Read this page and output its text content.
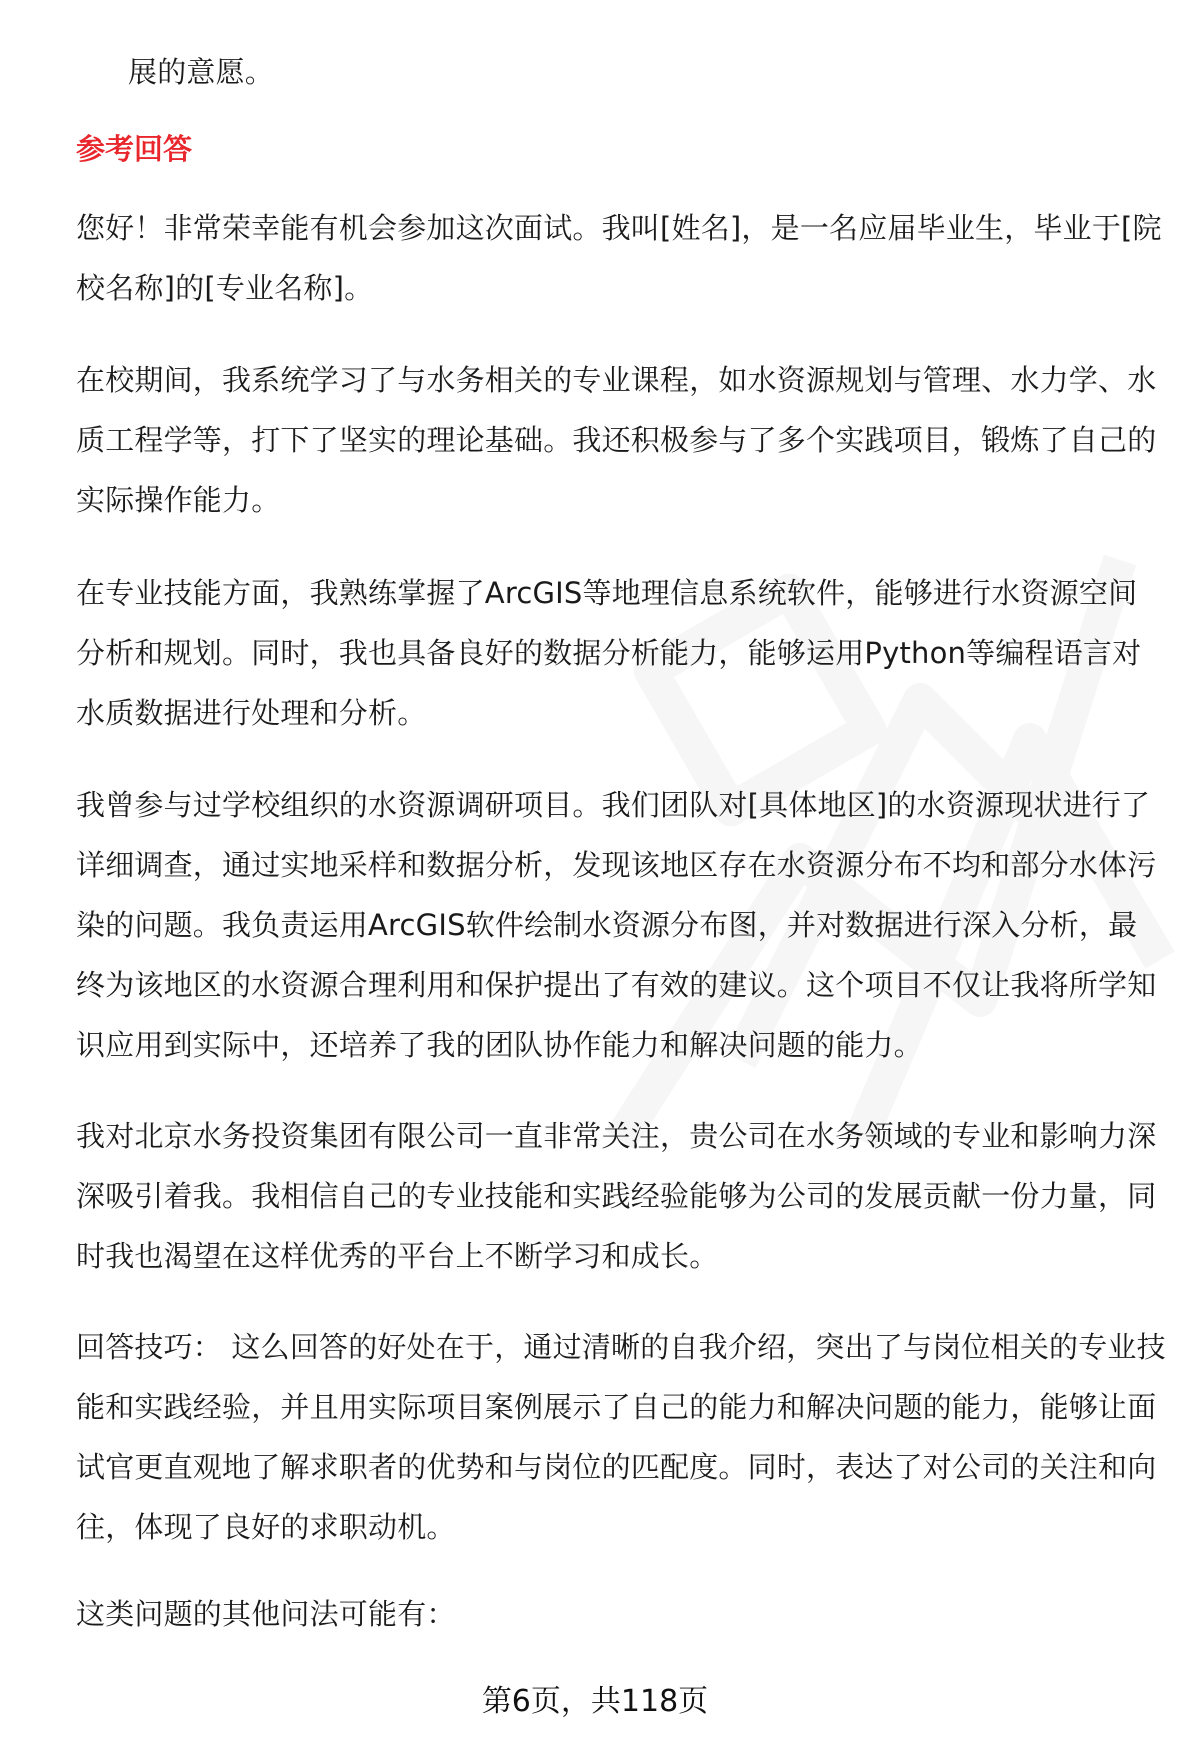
展的意愿。
参考回答
您好！非常荣幸能有机会参加这次面试。我叫[姓名]，是一名应届毕业生，毕业于[院校名称]的[专业名称]。
在校期间，我系统学习了与水务相关的专业课程，如水资源规划与管理、水力学、水质工程学等，打下了坚实的理论基础。我还积极参与了多个实践项目，锻炼了自己的实际操作能力。
在专业技能方面，我熟练掌握了ArcGIS等地理信息系统软件，能够进行水资源空间分析和规划。同时，我也具备良好的数据分析能力，能够运用Python等编程语言对水质数据进行处理和分析。
我曾参与过学校组织的水资源调研项目。我们团队对[具体地区]的水资源现状进行了详细调查，通过实地采样和数据分析，发现该地区存在水资源分布不均和部分水体污染的问题。我负责运用ArcGIS软件绘制水资源分布图，并对数据进行深入分析，最终为该地区的水资源合理利用和保护提出了有效的建议。这个项目不仅让我将所学知识应用到实际中，还培养了我的团队协作能力和解决问题的能力。
我对北京水务投资集团有限公司一直非常关注，贵公司在水务领域的专业和影响力深深吸引着我。我相信自己的专业技能和实践经验能够为公司的发展贡献一份力量，同时我也渴望在这样优秀的平台上不断学习和成长。
回答技巧： 这么回答的好处在于，通过清晰的自我介绍，突出了与岗位相关的专业技能和实践经验，并且用实际项目案例展示了自己的能力和解决问题的能力，能够让面试官更直观地了解求职者的优势和与岗位的匹配度。同时，表达了对公司的关注和向往，体现了良好的求职动机。
这类问题的其他问法可能有：
第6页，共118页
